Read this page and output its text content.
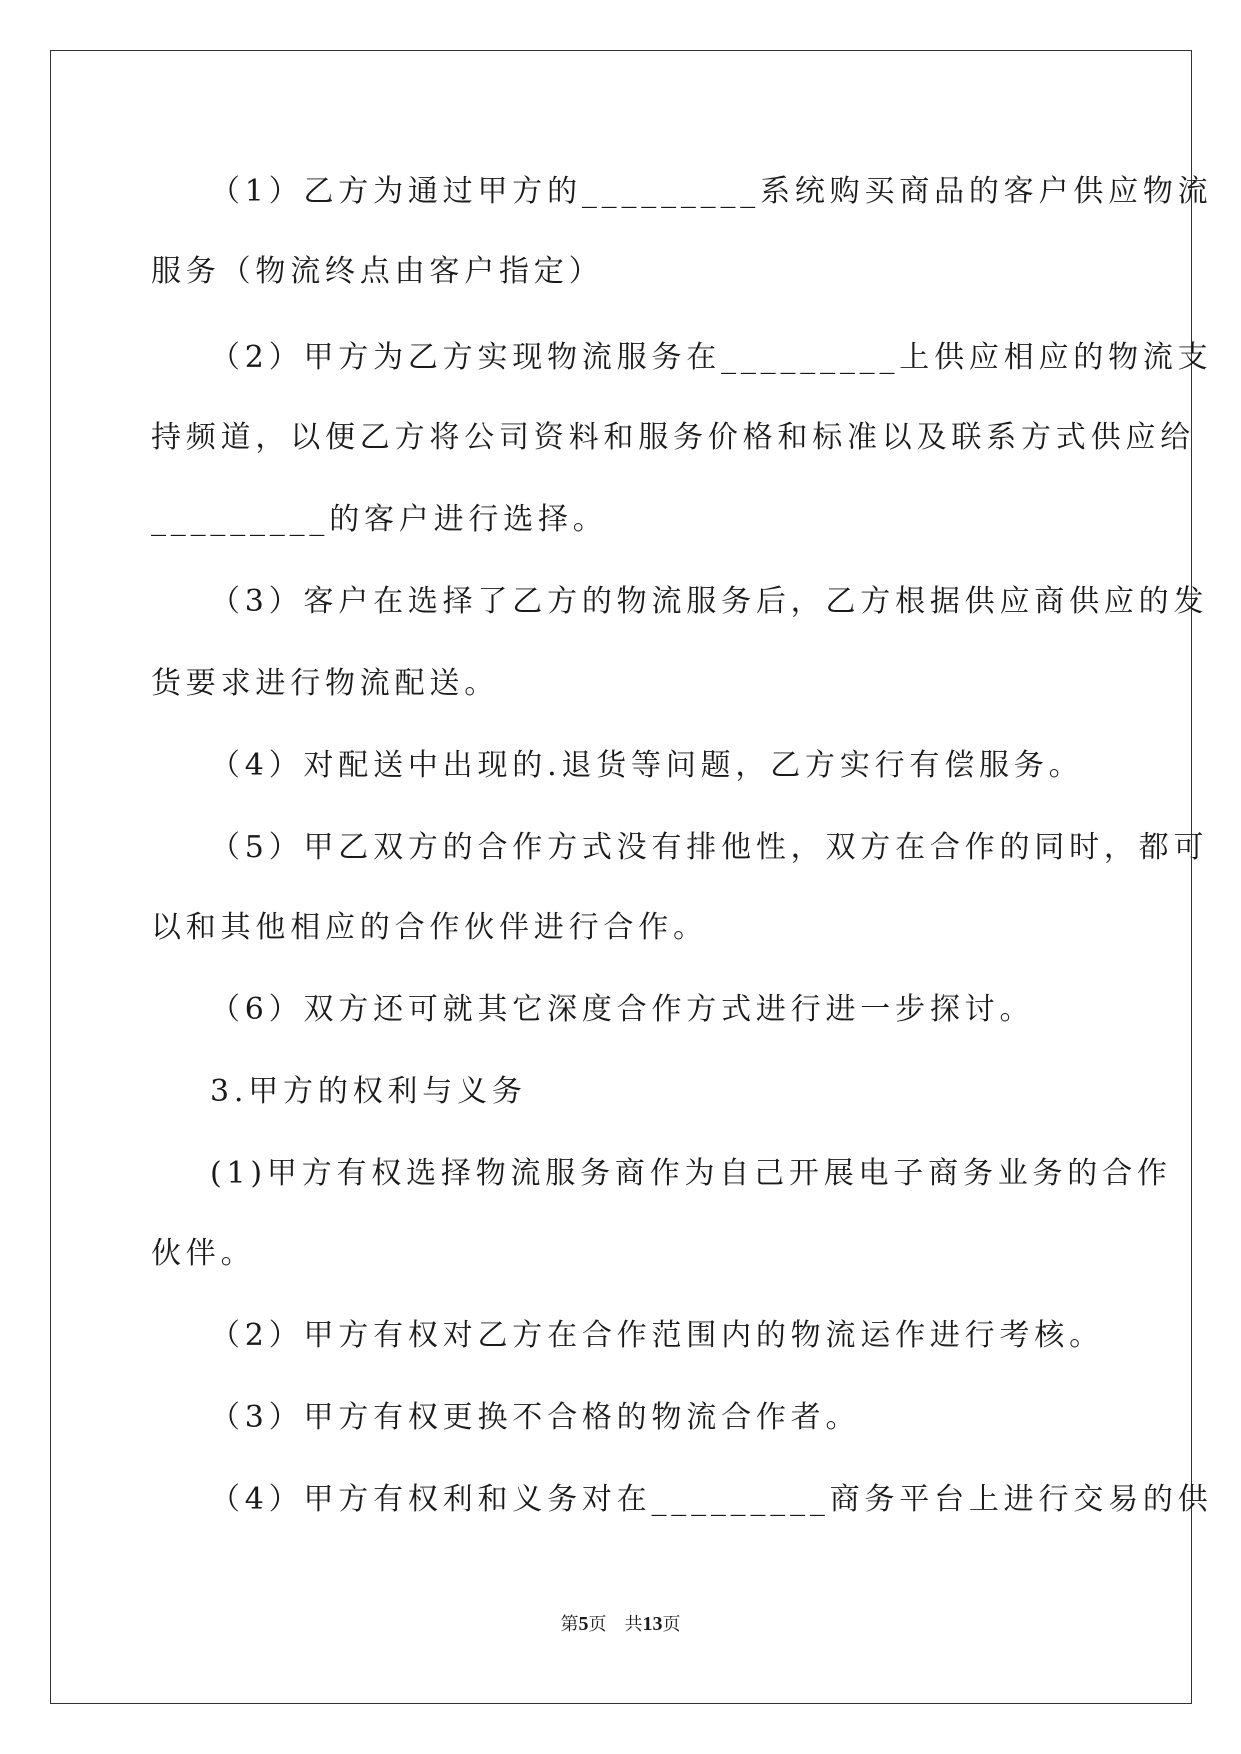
（1）乙方为通过甲方的_________系统购买商品的客户供应物流
服务（物流终点由客户指定）
（2）甲方为乙方实现物流服务在_________上供应相应的物流支
持频道，以便乙方将公司资料和服务价格和标准以及联系方式供应给
_________的客户进行选择。
（3）客户在选择了乙方的物流服务后，乙方根据供应商供应的发
货要求进行物流配送。
（4）对配送中出现的.退货等问题，乙方实行有偿服务。
（5）甲乙双方的合作方式没有排他性，双方在合作的同时，都可
以和其他相应的合作伙伴进行合作。
（6）双方还可就其它深度合作方式进行进一步探讨。
3.甲方的权利与义务
(1)甲方有权选择物流服务商作为自己开展电子商务业务的合作
伙伴。
（2）甲方有权对乙方在合作范围内的物流运作进行考核。
（3）甲方有权更换不合格的物流合作者。
（4）甲方有权利和义务对在_________商务平台上进行交易的供
第5页　共13页
